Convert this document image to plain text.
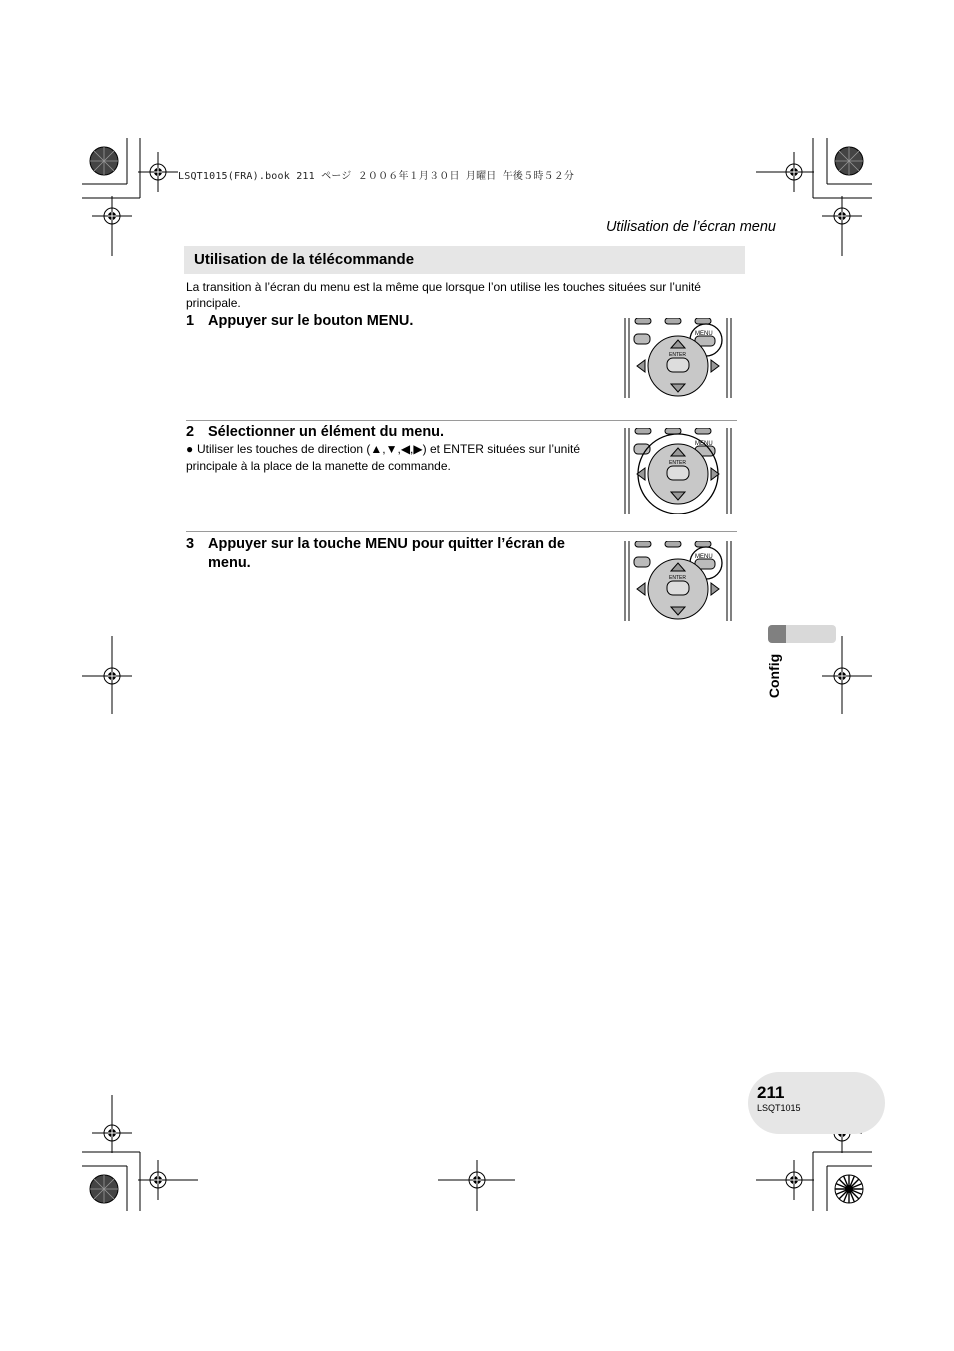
LSQT1015(FRA).book 211 ページ ２００６年１月３０日 月曜日 午後５時５２分
Utilisation de l’écran menu
Utilisation de la télécommande
La transition à l’écran du menu est la même que lorsque l’on utilise les touches situées sur l’unité principale.
1 Appuyer sur le bouton MENU.
MENU
ENTER
2 Sélectionner un élément du menu.
● Utiliser les touches de direction (▲,▼,◀,▶) et ENTER situées sur l’unité principale à la place de la manette de commande.
MENU
ENTER
3 Appuyer sur la touche MENU pour quitter l’écran de menu.	MENU
ENTER
Config
211
LSQT1015
